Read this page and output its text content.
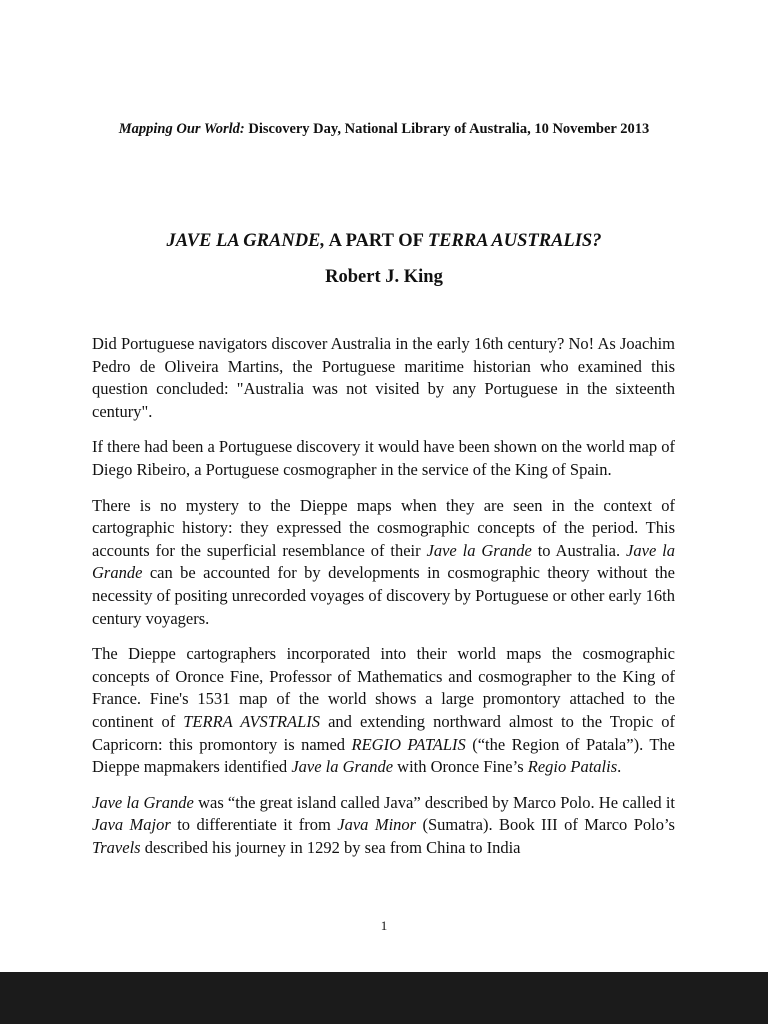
Mapping Our World: Discovery Day, National Library of Australia, 10 November 2013
JAVE LA GRANDE, A PART OF TERRA AUSTRALIS?
Robert J. King

Did Portuguese navigators discover Australia in the early 16th century? No! As Joachim Pedro de Oliveira Martins, the Portuguese maritime historian who examined this question concluded: "Australia was not visited by any Portuguese in the sixteenth century".

If there had been a Portuguese discovery it would have been shown on the world map of Diego Ribeiro, a Portuguese cosmographer in the service of the King of Spain.

There is no mystery to the Dieppe maps when they are seen in the context of cartographic history: they expressed the cosmographic concepts of the period. This accounts for the superficial resemblance of their Jave la Grande to Australia. Jave la Grande can be accounted for by developments in cosmographic theory without the necessity of positing unrecorded voyages of discovery by Portuguese or other early 16th century voyagers.

The Dieppe cartographers incorporated into their world maps the cosmographic concepts of Oronce Fine, Professor of Mathematics and cosmographer to the King of France. Fine's 1531 map of the world shows a large promontory attached to the continent of TERRA AVSTRALIS and extending northward almost to the Tropic of Capricorn: this promontory is named REGIO PATALIS (“the Region of Patala”). The Dieppe mapmakers identified Jave la Grande with Oronce Fine’s Regio Patalis.

Jave la Grande was “the great island called Java” described by Marco Polo. He called it Java Major to differentiate it from Java Minor (Sumatra). Book III of Marco Polo’s Travels described his journey in 1292 by sea from China to India

1
